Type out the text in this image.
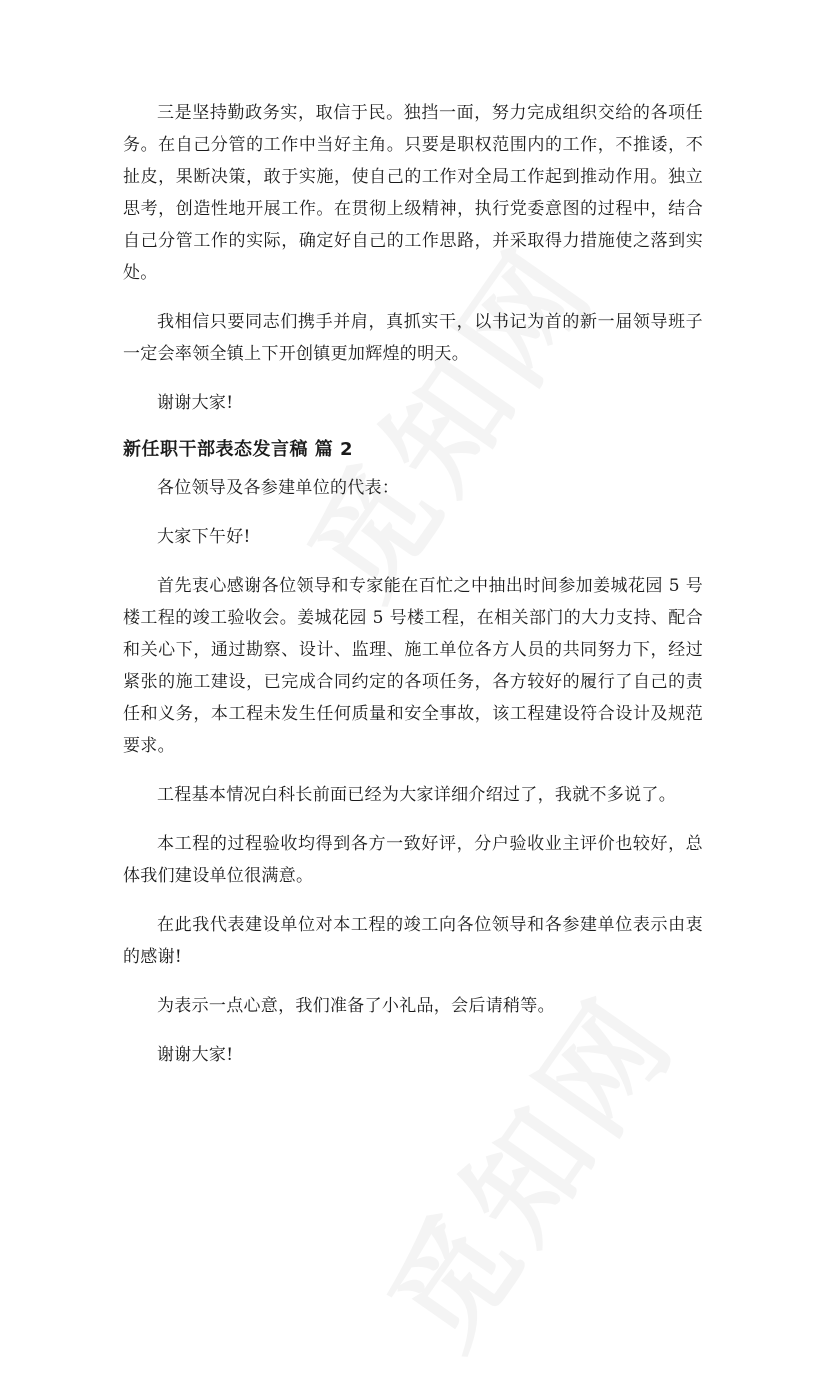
三是坚持勤政务实，取信于民。独挡一面，努力完成组织交给的各项任务。在自己分管的工作中当好主角。只要是职权范围内的工作，不推诿，不扯皮，果断决策，敢于实施，使自己的工作对全局工作起到推动作用。独立思考，创造性地开展工作。在贯彻上级精神，执行党委意图的过程中，结合自己分管工作的实际，确定好自己的工作思路，并采取得力措施使之落到实处。

我相信只要同志们携手并肩，真抓实干，以书记为首的新一届领导班子一定会率领全镇上下开创镇更加辉煌的明天。

谢谢大家!

新任职干部表态发言稿 篇 2

各位领导及各参建单位的代表：

大家下午好!

首先衷心感谢各位领导和专家能在百忙之中抽出时间参加姜城花园 5 号楼工程的竣工验收会。姜城花园 5 号楼工程，在相关部门的大力支持、配合和关心下，通过勘察、设计、监理、施工单位各方人员的共同努力下，经过紧张的施工建设，已完成合同约定的各项任务，各方较好的履行了自己的责任和义务，本工程未发生任何质量和安全事故，该工程建设符合设计及规范要求。

工程基本情况白科长前面已经为大家详细介绍过了，我就不多说了。

本工程的过程验收均得到各方一致好评，分户验收业主评价也较好，总体我们建设单位很满意。

在此我代表建设单位对本工程的竣工向各位领导和各参建单位表示由衷的感谢!

为表示一点心意，我们准备了小礼品，会后请稍等。

谢谢大家!
